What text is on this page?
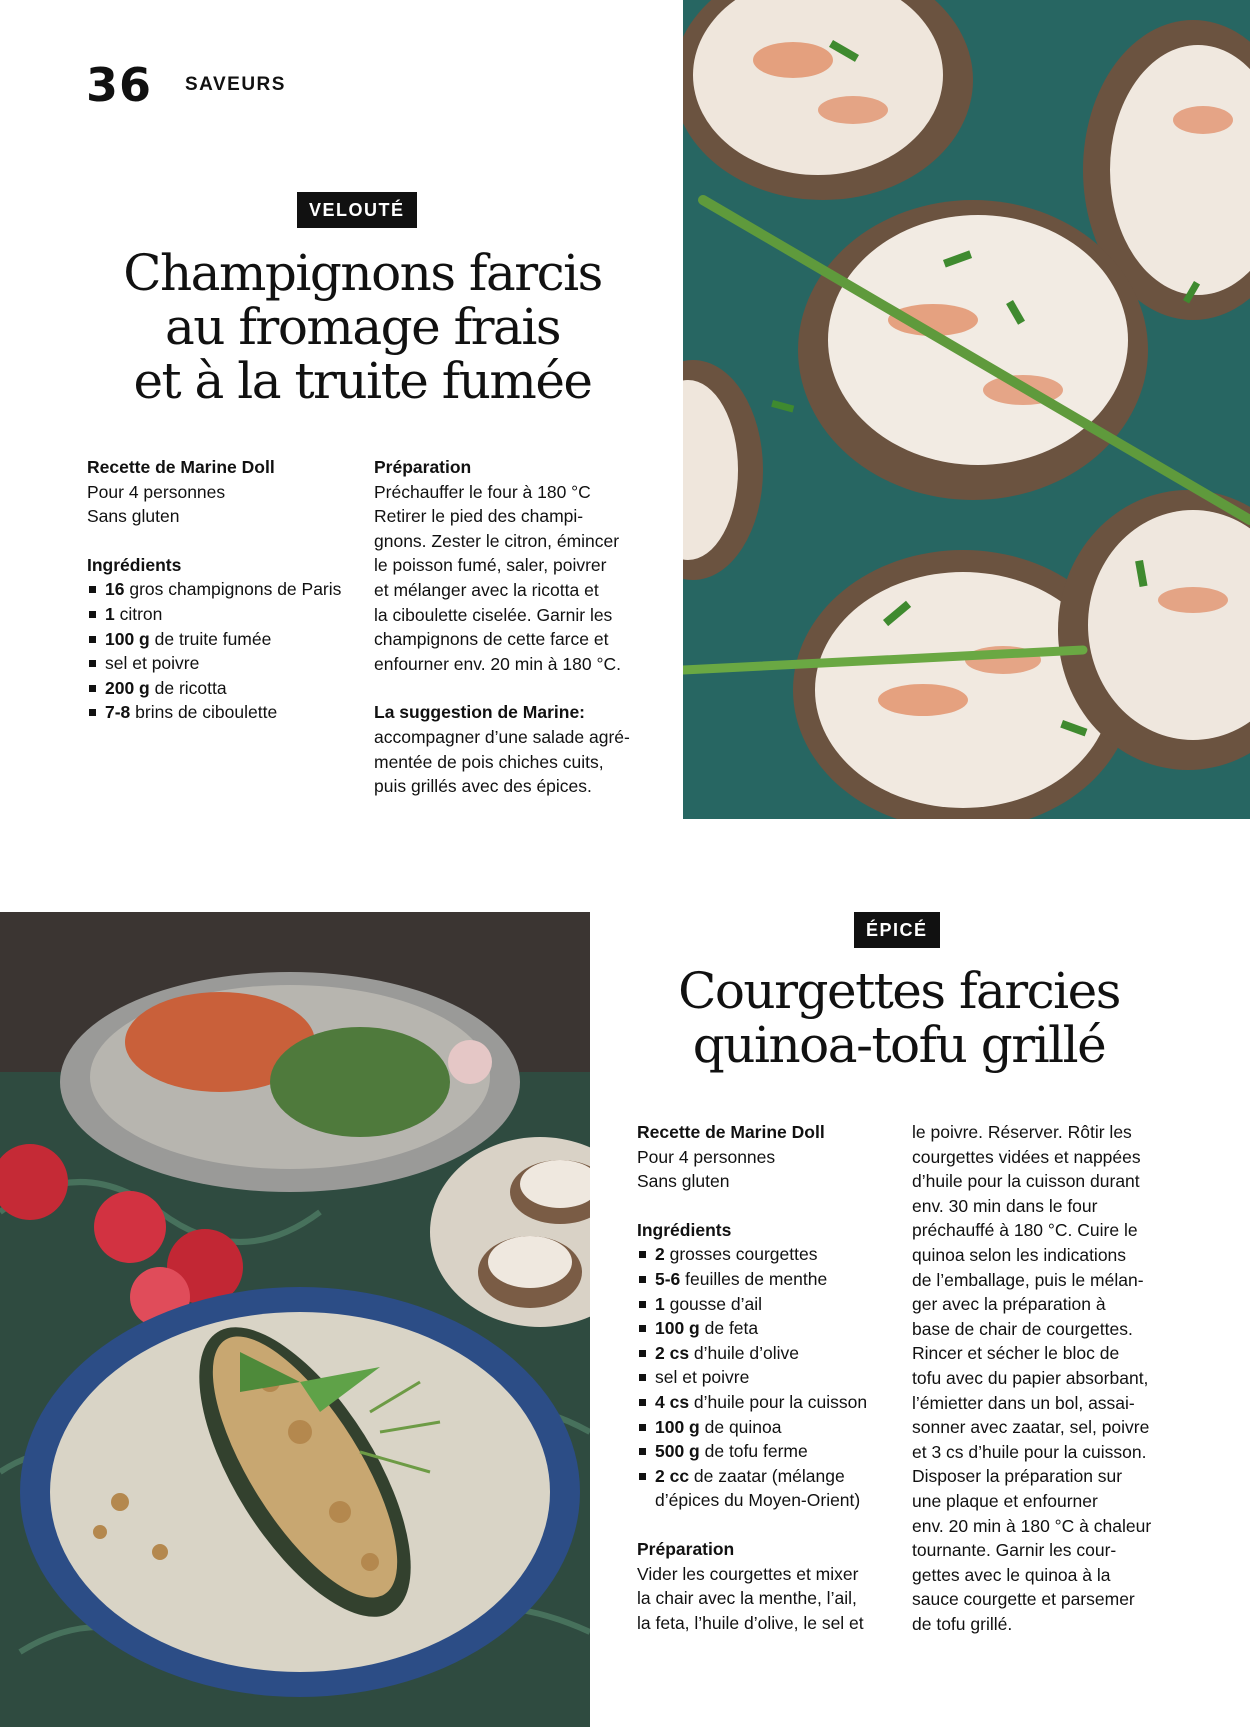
36 SAVEURS
VELOUTÉ
Champignons farcis
au fromage frais
et à la truite fumée
Recette de Marine Doll
Pour 4 personnes
Sans gluten
Ingrédients
16 gros champignons de Paris
1 citron
100 g de truite fumée
sel et poivre
200 g de ricotta
7-8 brins de ciboulette
Préparation
Préchauffer le four à 180 °C
Retirer le pied des champi-
gnons. Zester le citron, émincer
le poisson fumé, saler, poivrer
et mélanger avec la ricotta et
la ciboulette ciselée. Garnir les
champignons de cette farce et
enfourner env. 20 min à 180 °C.
La suggestion de Marine:
accompagner d’une salade agré-
mentée de pois chiches cuits,
puis grillés avec des épices.
ÉPICÉ
Courgettes farcies
quinoa-tofu grillé
Recette de Marine Doll
Pour 4 personnes
Sans gluten
Ingrédients
2 grosses courgettes
5-6 feuilles de menthe
1 gousse d’ail
100 g de feta
2 cs d’huile d’olive
sel et poivre
4 cs d’huile pour la cuisson
100 g de quinoa
500 g de tofu ferme
2 cc de zaatar (mélange
d’épices du Moyen-Orient)
Préparation
Vider les courgettes et mixer
la chair avec la menthe, l’ail,
la feta, l’huile d’olive, le sel et
le poivre. Réserver. Rôtir les
courgettes vidées et nappées
d’huile pour la cuisson durant
env. 30 min dans le four
préchauffé à 180 °C. Cuire le
quinoa selon les indications
de l’emballage, puis le mélan-
ger avec la préparation à
base de chair de courgettes.
Rincer et sécher le bloc de
tofu avec du papier absorbant,
l’émietter dans un bol, assai-
sonner avec zaatar, sel, poivre
et 3 cs d’huile pour la cuisson.
Disposer la préparation sur
une plaque et enfourner
env. 20 min à 180 °C à chaleur
tournante. Garnir les cour-
gettes avec le quinoa à la
sauce courgette et parsemer
de tofu grillé.
